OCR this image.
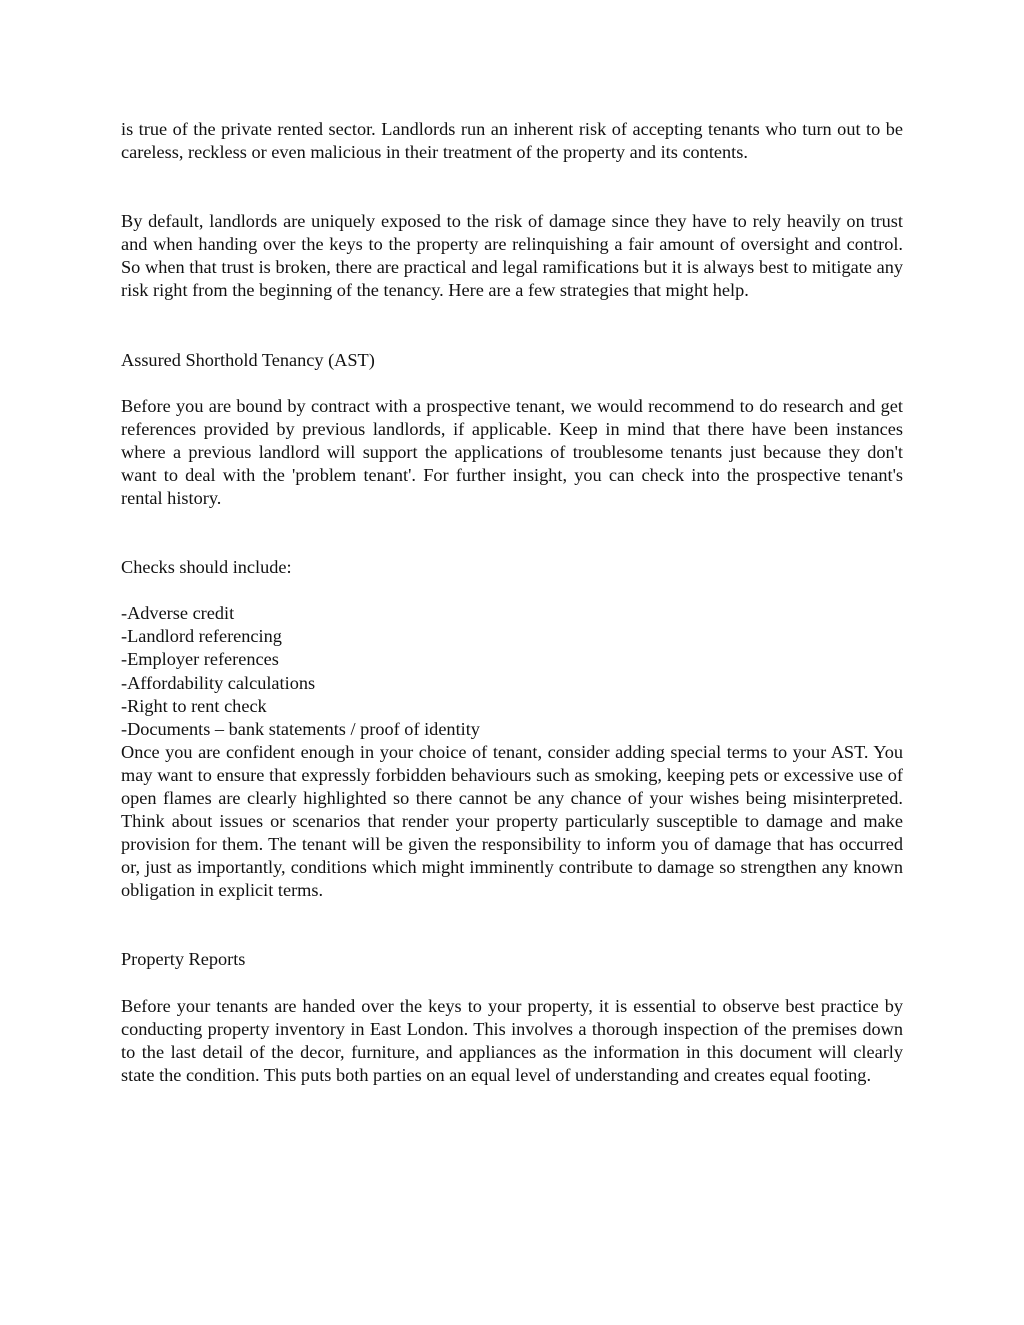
is true of the private rented sector. Landlords run an inherent risk of accepting tenants who turn out to be careless, reckless or even malicious in their treatment of the property and its contents.

By default, landlords are uniquely exposed to the risk of damage since they have to rely heavily on trust and when handing over the keys to the property are relinquishing a fair amount of oversight and control. So when that trust is broken, there are practical and legal ramifications but it is always best to mitigate any risk right from the beginning of the tenancy. Here are a few strategies that might help.

Assured Shorthold Tenancy (AST)

Before you are bound by contract with a prospective tenant, we would recommend to do research and get references provided by previous landlords, if applicable. Keep in mind that there have been instances where a previous landlord will support the applications of troublesome tenants just because they don't want to deal with the 'problem tenant'. For further insight, you can check into the prospective tenant's rental history.

Checks should include:

-Adverse credit
-Landlord referencing
-Employer references
-Affordability calculations
-Right to rent check
-Documents – bank statements / proof of identity

Once you are confident enough in your choice of tenant, consider adding special terms to your AST. You may want to ensure that expressly forbidden behaviours such as smoking, keeping pets or excessive use of open flames are clearly highlighted so there cannot be any chance of your wishes being misinterpreted. Think about issues or scenarios that render your property particularly susceptible to damage and make provision for them. The tenant will be given the responsibility to inform you of damage that has occurred or, just as importantly, conditions which might imminently contribute to damage so strengthen any known obligation in explicit terms.

Property Reports

Before your tenants are handed over the keys to your property, it is essential to observe best practice by conducting property inventory in East London. This involves a thorough inspection of the premises down to the last detail of the decor, furniture, and appliances as the information in this document will clearly state the condition. This puts both parties on an equal level of understanding and creates equal footing.
